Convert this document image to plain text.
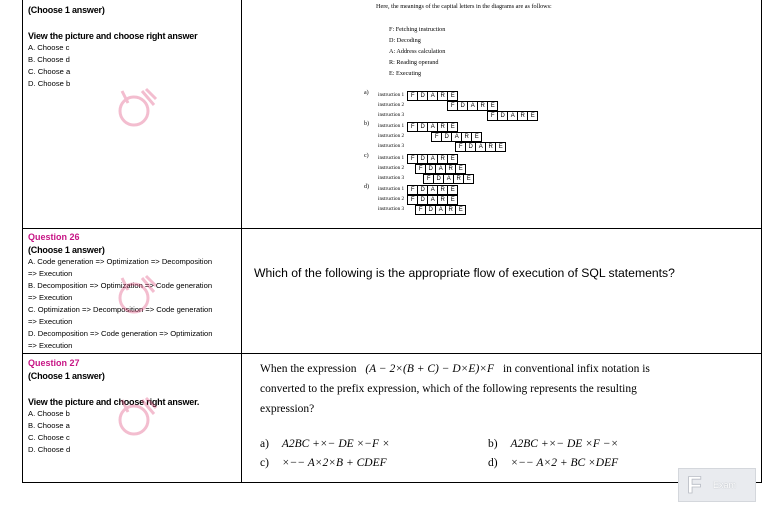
(Choose 1 answer)
View the picture and choose right answer
A. Choose c
B. Choose d
C. Choose a
D. Choose b
Here, the meanings of the capital letters in the diagrams are as follows:
F: Fetching instruction
D: Decoding
A: Address calculation
R: Reading operand
E: Executing
a) instruction 1	F	D A R E
instruction 2	F	D A R E
instruction 3	F	D A R E
b) instruction 1	F	D A R E
instruction 2	F	D A R E
instruction 3	F	D A R E
c) instruction 1	F	D A R E
instruction 2	F	D A R E
instruction 3	F	D A R E
d) instruction 1	F	D A R E
instruction 2	F	D A R E
instruction 3	F	D A R E
Question 26
(Choose 1 answer)
A. Code generation => Optimization => Decomposition
=> Execution
B. Decomposition => Optimization => Code generation
=> Execution
C. Optimization => Decomposition => Code generation
=> Execution
D. Decomposition => Code generation => Optimization
=> Execution
Which of the following is the appropriate flow of execution of SQL statements?
Question 27
(Choose 1 answer)
View the picture and choose right answer.
A. Choose b
B. Choose a
C. Choose c
D. Choose d
When the expression (A − 2×(B + C) − D×E)×F in conventional infix notation is
converted to the prefix expression, which of the following represents the resulting
expression?
a) A2BC +×− DE ×−F ×	b) A2BC +×− DE ×F −×
c) ×−− A×2×B + CDEF	d) ×−− A×2 + BC ×DEF
F Exam
